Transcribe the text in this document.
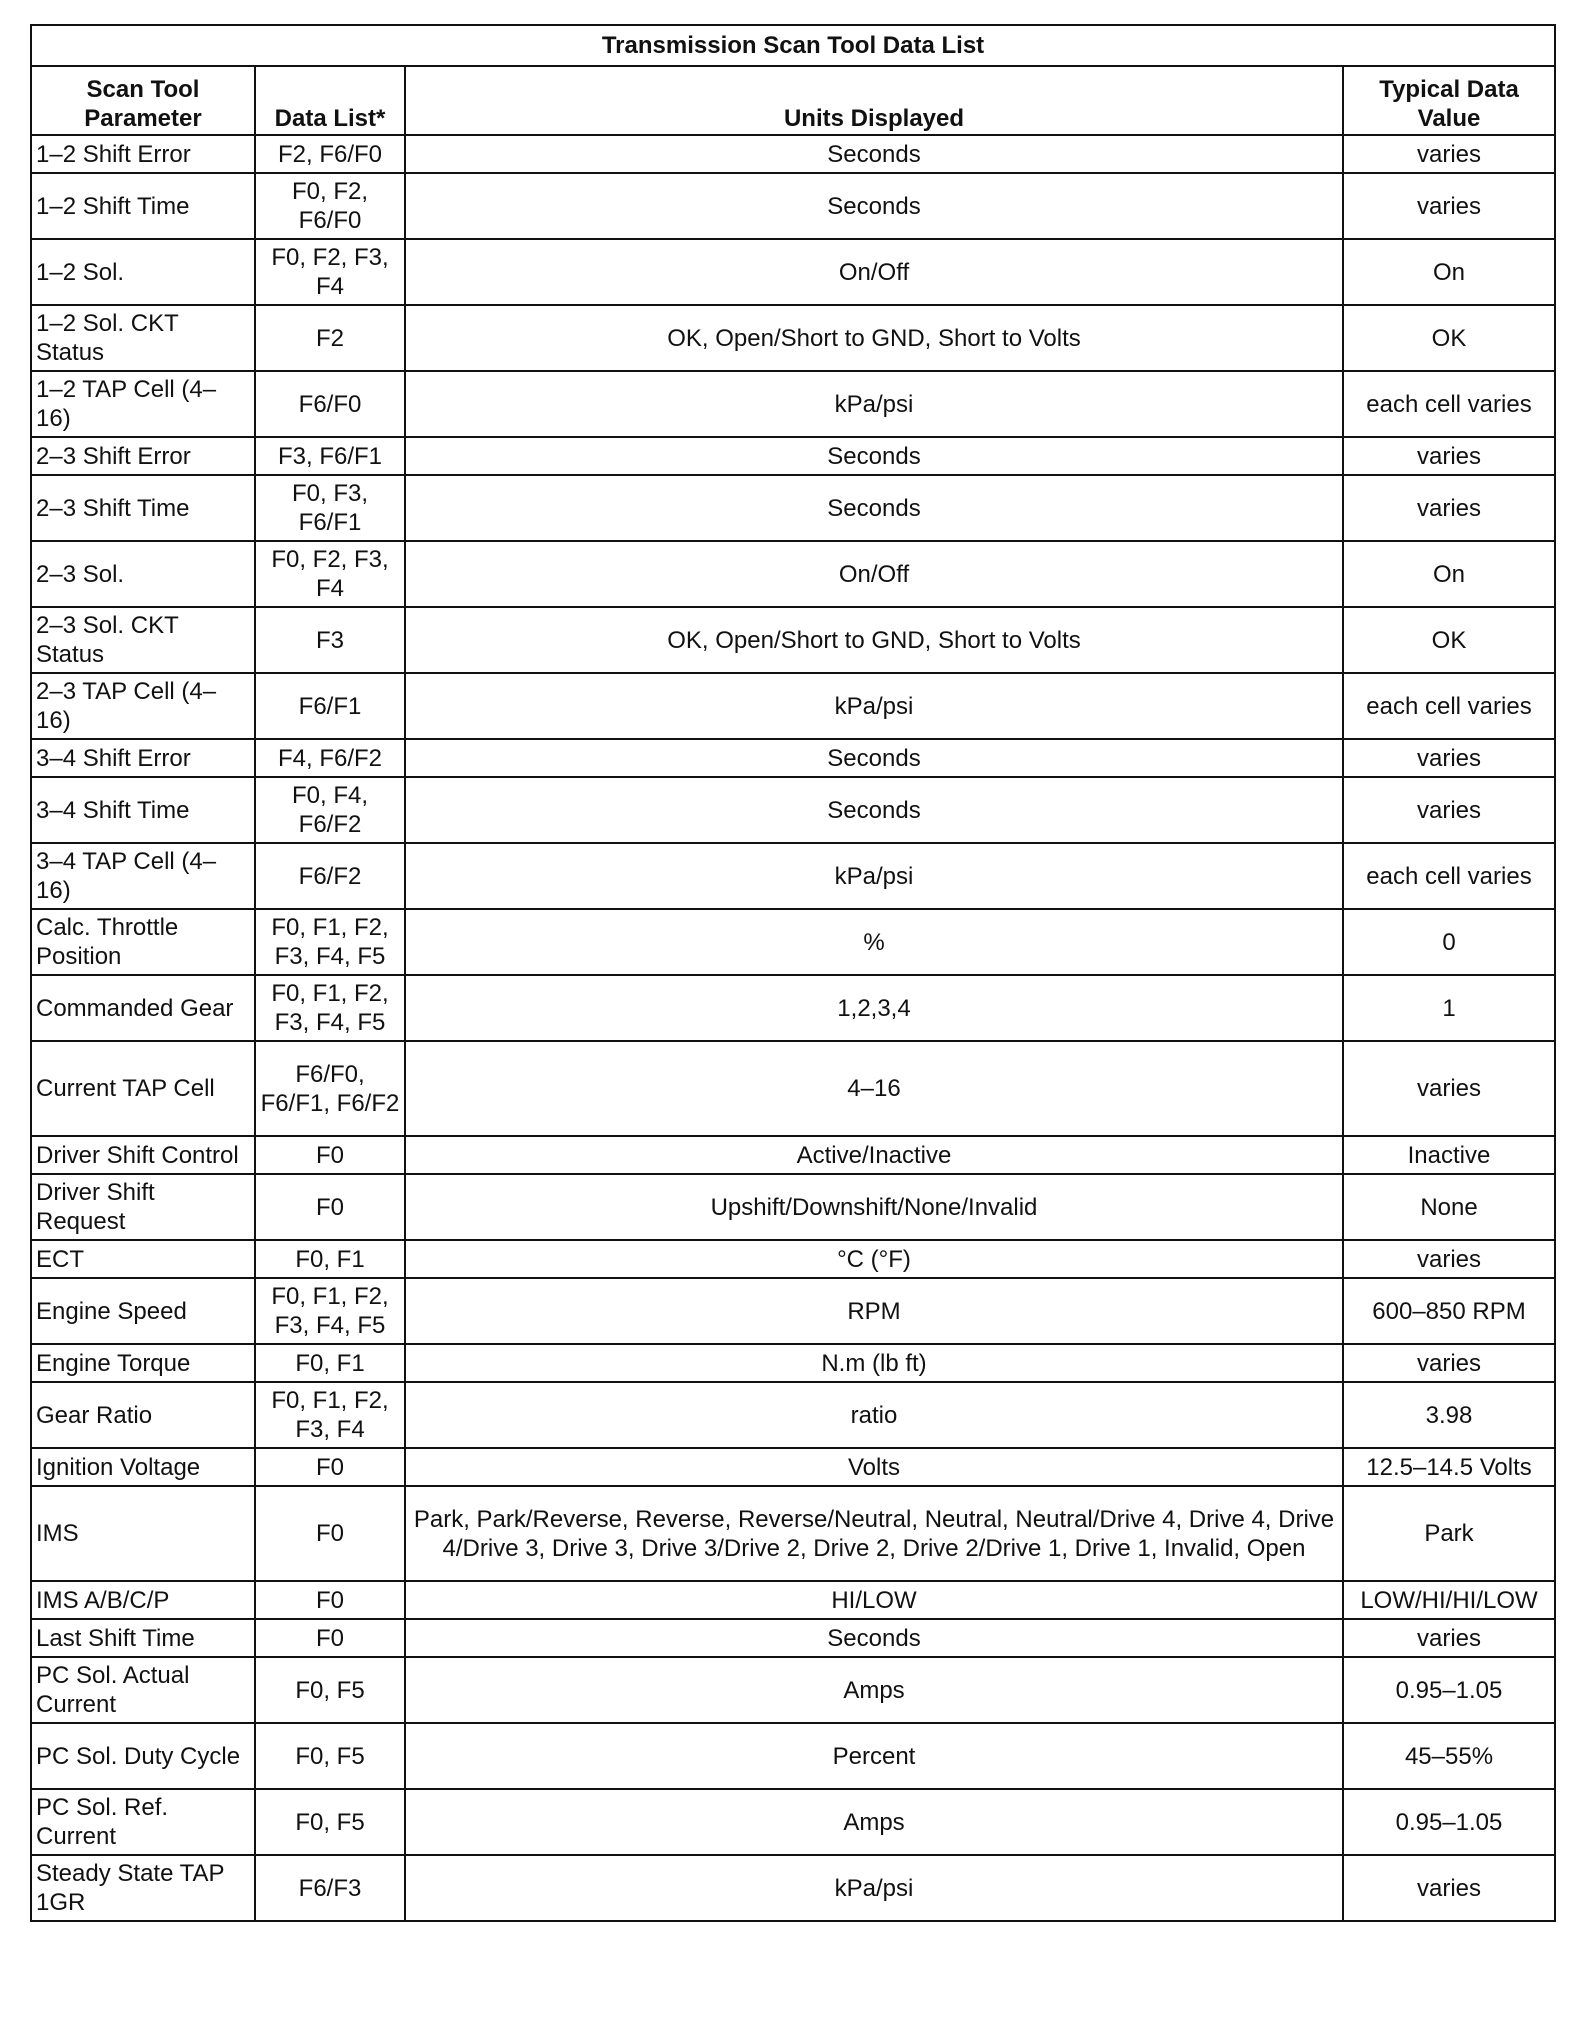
Transmission Scan Tool Data List			
Scan Tool Parameter	Data List*	Units Displayed	Typical Data Value
1–2 Shift Error	F2, F6/F0	Seconds	varies
1–2 Shift Time	F0, F2, F6/F0	Seconds	varies
1–2 Sol.	F0, F2, F3, F4	On/Off	On
1–2 Sol. CKT Status	F2	OK, Open/Short to GND, Short to Volts	OK
1–2 TAP Cell (4–16)	F6/F0	kPa/psi	each cell varies
2–3 Shift Error	F3, F6/F1	Seconds	varies
2–3 Shift Time	F0, F3, F6/F1	Seconds	varies
2–3 Sol.	F0, F2, F3, F4	On/Off	On
2–3 Sol. CKT Status	F3	OK, Open/Short to GND, Short to Volts	OK
2–3 TAP Cell (4–16)	F6/F1	kPa/psi	each cell varies
3–4 Shift Error	F4, F6/F2	Seconds	varies
3–4 Shift Time	F0, F4, F6/F2	Seconds	varies
3–4 TAP Cell (4–16)	F6/F2	kPa/psi	each cell varies
Calc. Throttle Position	F0, F1, F2, F3, F4, F5	%	0
Commanded Gear	F0, F1, F2, F3, F4, F5	1,2,3,4	1
Current TAP Cell	F6/F0, F6/F1, F6/F2	4–16	varies
Driver Shift Control	F0	Active/Inactive	Inactive
Driver Shift Request	F0	Upshift/Downshift/None/Invalid	None
ECT	F0, F1	°C (°F)	varies
Engine Speed	F0, F1, F2, F3, F4, F5	RPM	600–850 RPM
Engine Torque	F0, F1	N.m (lb ft)	varies
Gear Ratio	F0, F1, F2, F3, F4	ratio	3.98
Ignition Voltage	F0	Volts	12.5–14.5 Volts
IMS	F0	Park, Park/Reverse, Reverse, Reverse/Neutral, Neutral, Neutral/Drive 4, Drive 4, Drive 4/Drive 3, Drive 3, Drive 3/Drive 2, Drive 2, Drive 2/Drive 1, Drive 1, Invalid, Open	Park
IMS A/B/C/P	F0	HI/LOW	LOW/HI/HI/LOW
Last Shift Time	F0	Seconds	varies
PC Sol. Actual Current	F0, F5	Amps	0.95–1.05
PC Sol. Duty Cycle	F0, F5	Percent	45–55%
PC Sol. Ref. Current	F0, F5	Amps	0.95–1.05
Steady State TAP 1GR	F6/F3	kPa/psi	varies
